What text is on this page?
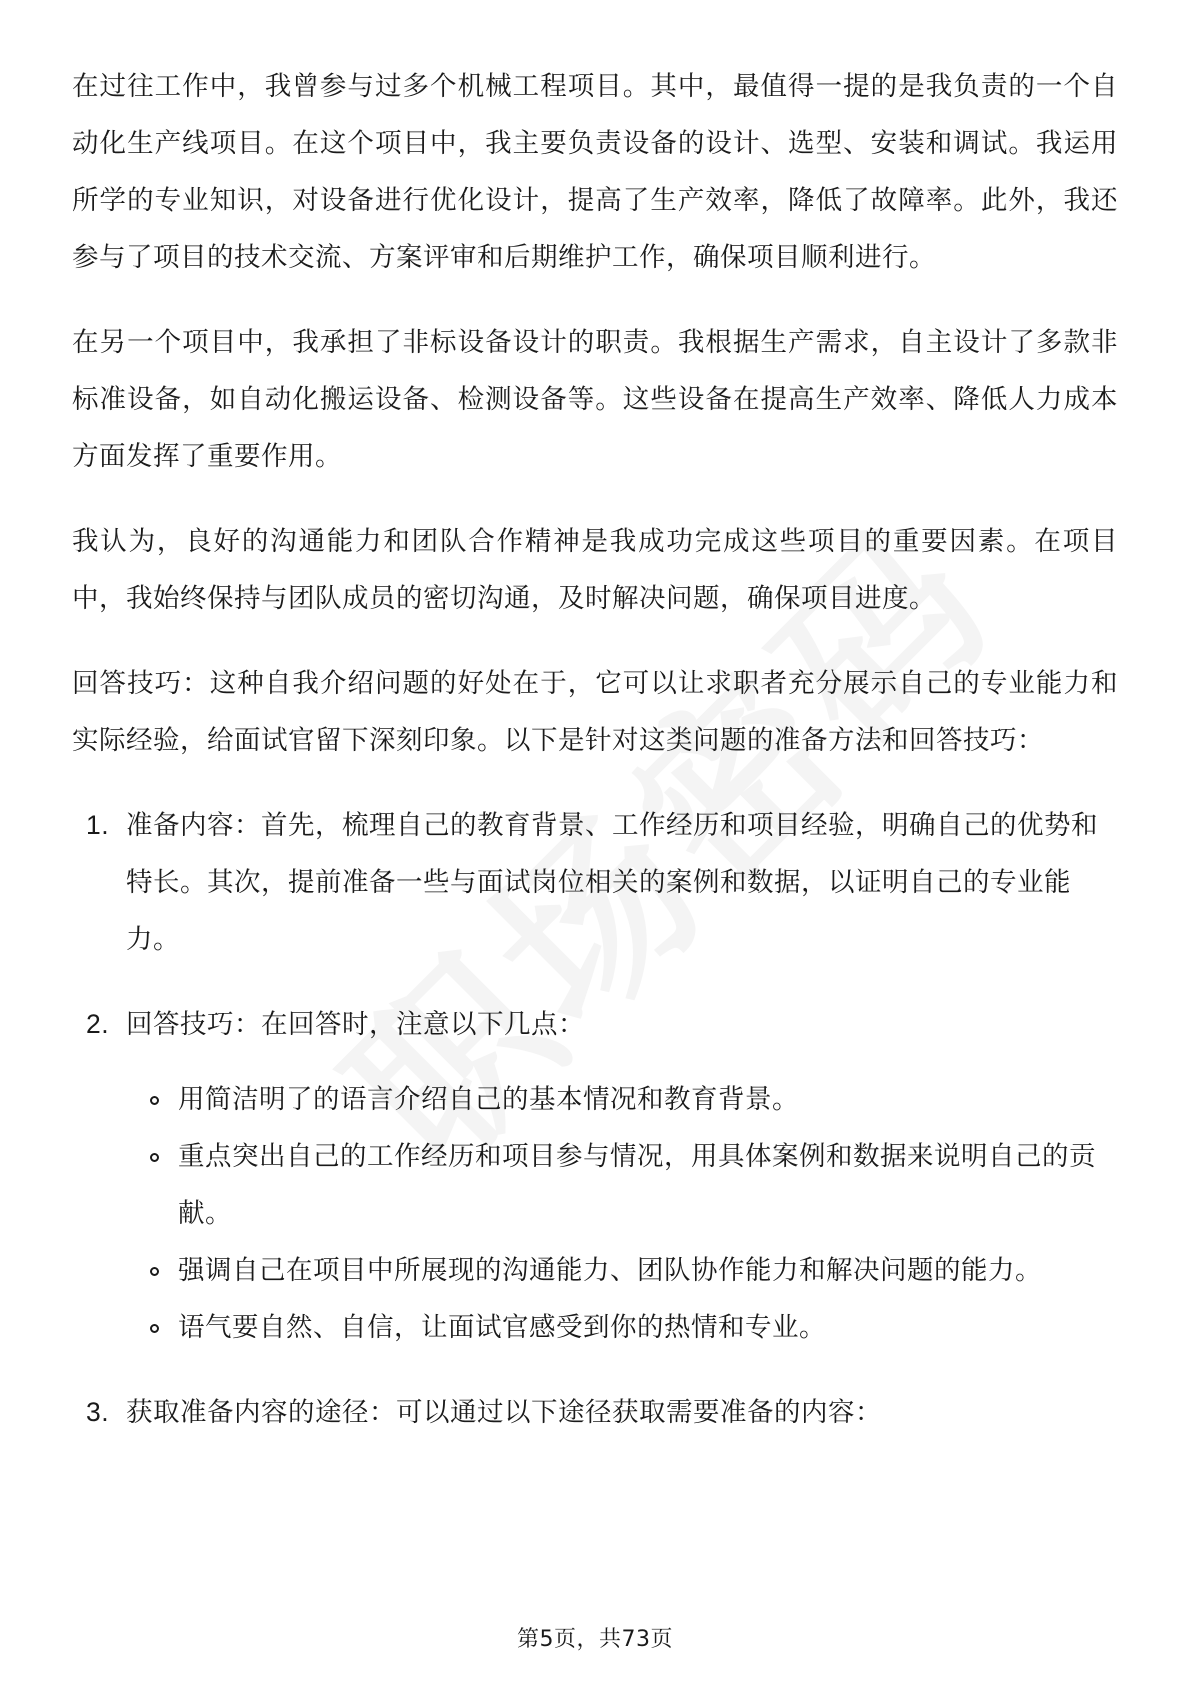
在过往工作中，我曾参与过多个机械工程项目。其中，最值得一提的是我负责的一个自动化生产线项目。在这个项目中，我主要负责设备的设计、选型、安装和调试。我运用所学的专业知识，对设备进行优化设计，提高了生产效率，降低了故障率。此外，我还参与了项目的技术交流、方案评审和后期维护工作，确保项目顺利进行。

在另一个项目中，我承担了非标设备设计的职责。我根据生产需求，自主设计了多款非标准设备，如自动化搬运设备、检测设备等。这些设备在提高生产效率、降低人力成本方面发挥了重要作用。

我认为，良好的沟通能力和团队合作精神是我成功完成这些项目的重要因素。在项目中，我始终保持与团队成员的密切沟通，及时解决问题，确保项目进度。

回答技巧：这种自我介绍问题的好处在于，它可以让求职者充分展示自己的专业能力和实际经验，给面试官留下深刻印象。以下是针对这类问题的准备方法和回答技巧：

1. 准备内容：首先，梳理自己的教育背景、工作经历和项目经验，明确自己的优势和特长。其次，提前准备一些与面试岗位相关的案例和数据，以证明自己的专业能力。
2. 回答技巧：在回答时，注意以下几点：
用简洁明了的语言介绍自己的基本情况和教育背景。
重点突出自己的工作经历和项目参与情况，用具体案例和数据来说明自己的贡献。
强调自己在项目中所展现的沟通能力、团队协作能力和解决问题的能力。
语气要自然、自信，让面试官感受到你的热情和专业。
3. 获取准备内容的途径：可以通过以下途径获取需要准备的内容：
第5页，共73页
